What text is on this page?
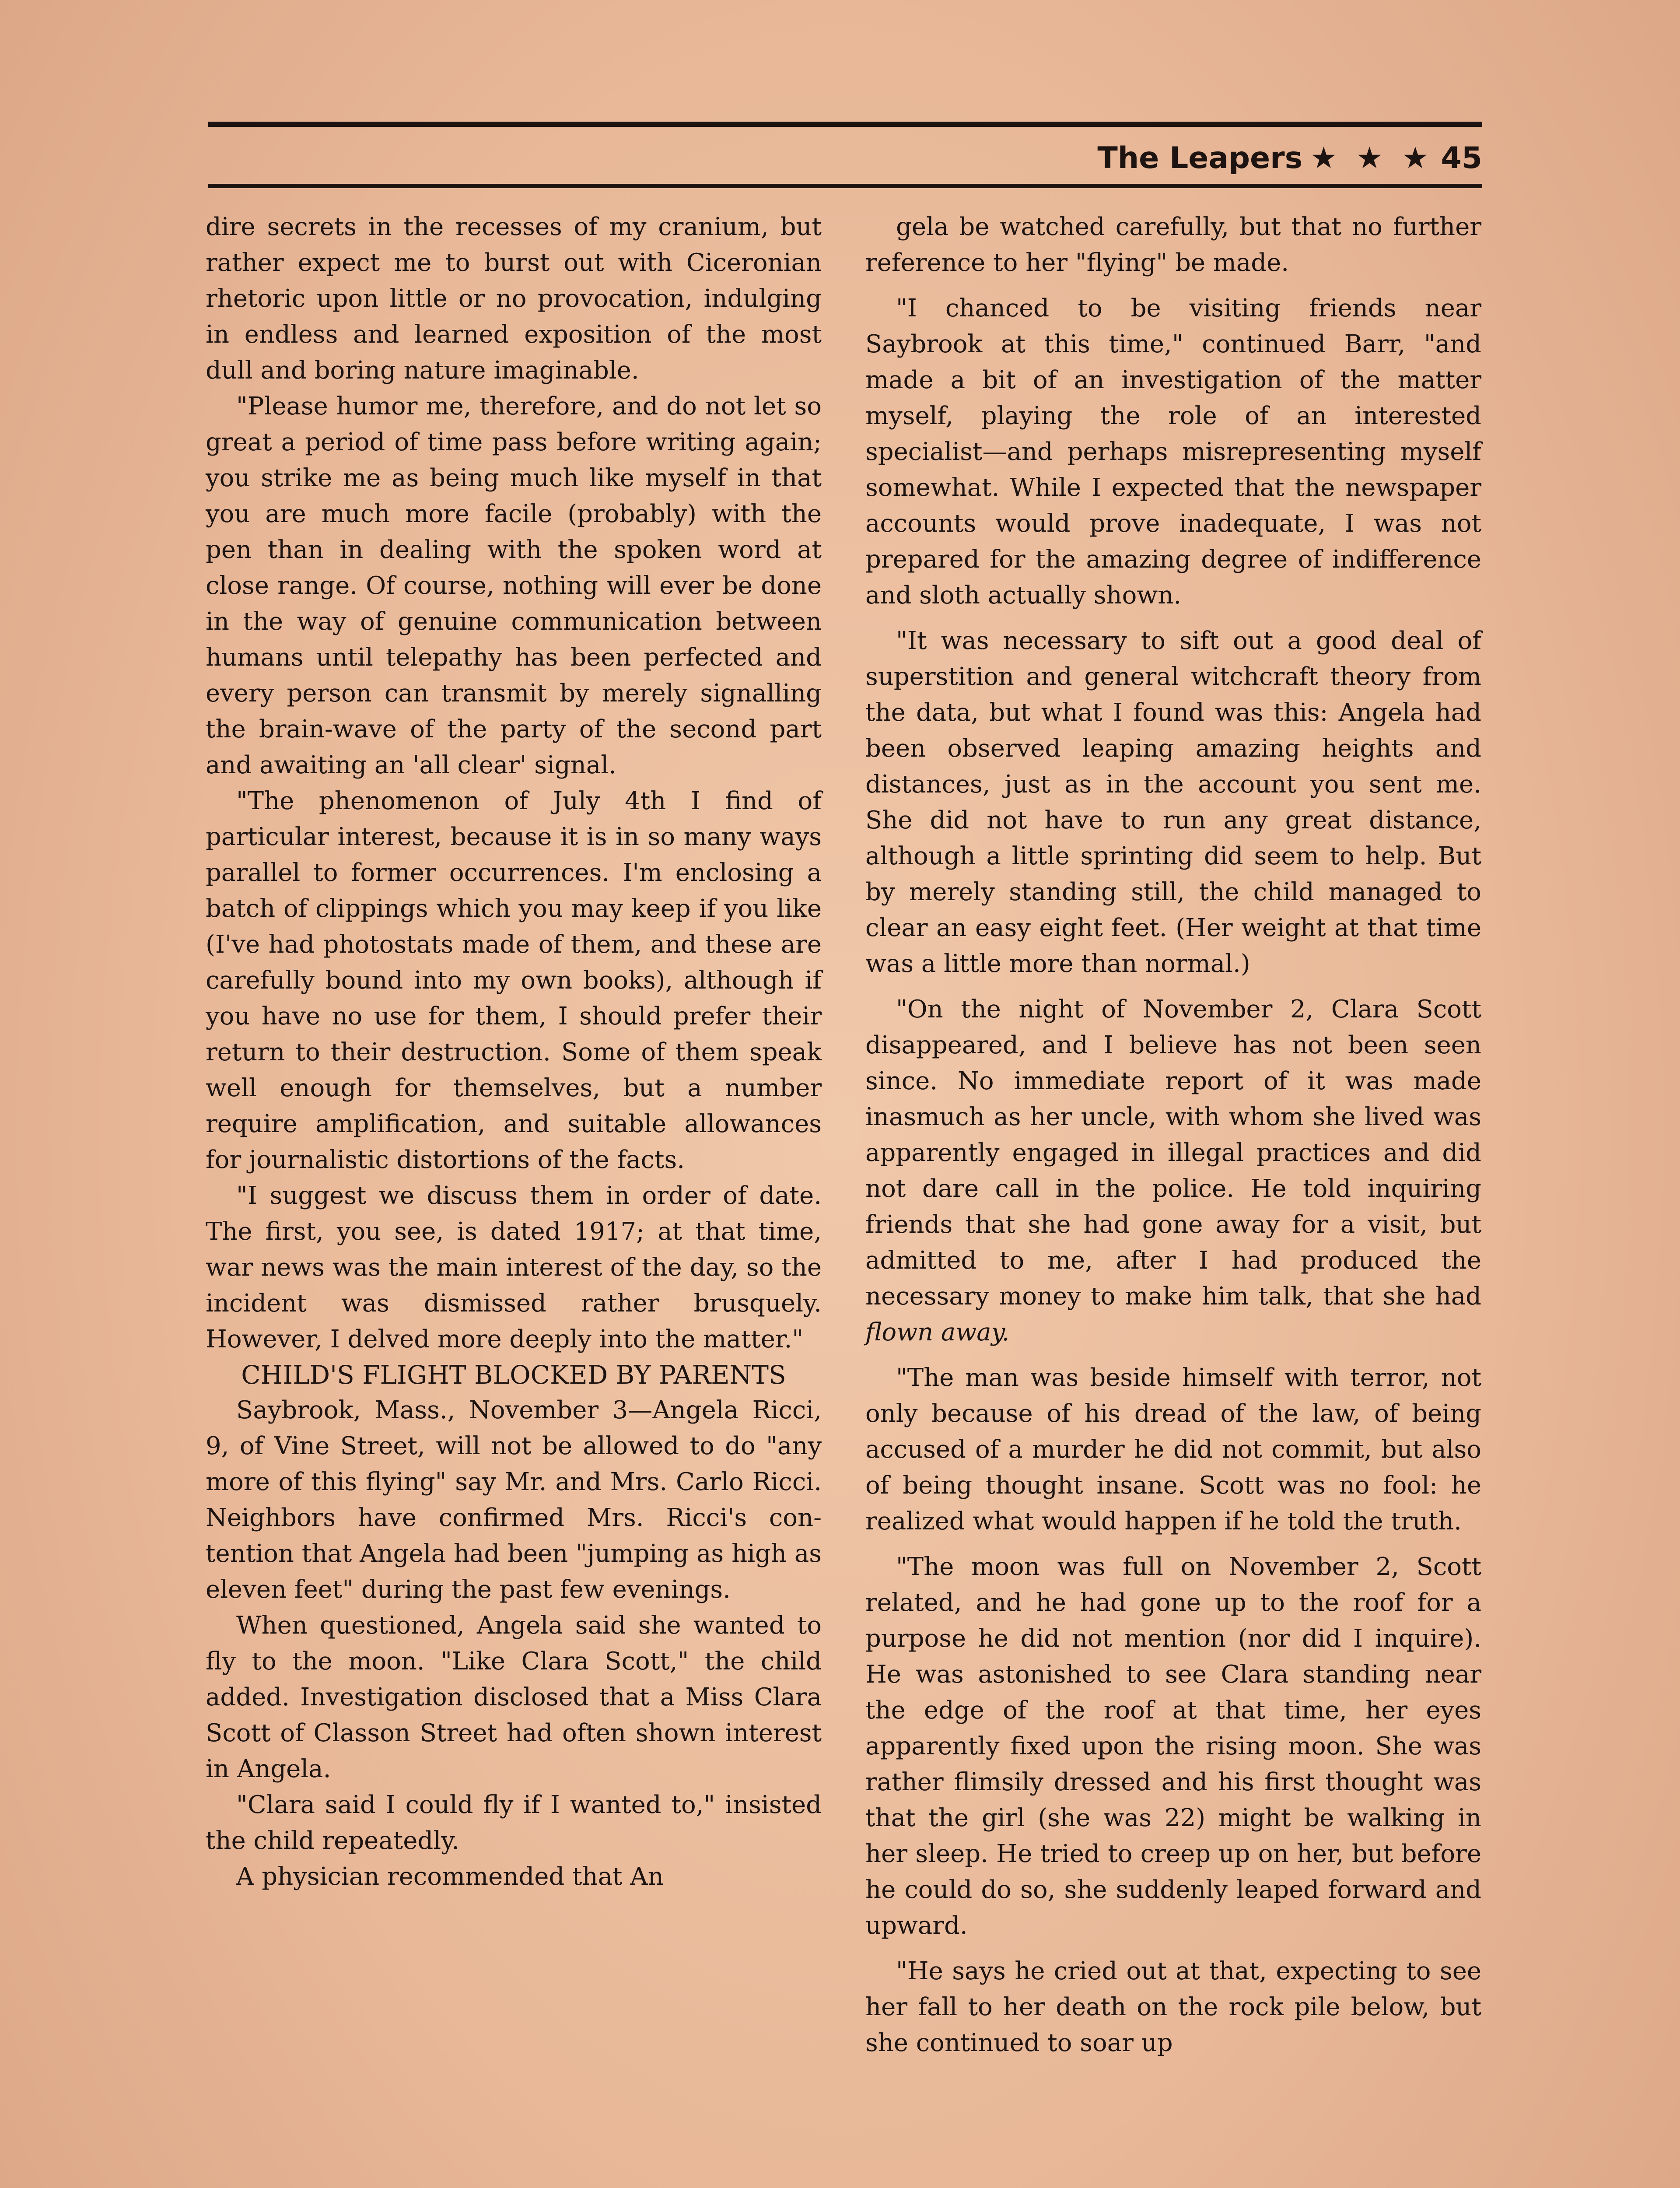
The Leapers ★ ★ ★ 45

dire secrets in the recesses of my cranium, but rather expect me to burst out with Ciceronian rhetoric upon little or no provocation, indulging in endless and learned exposition of the most dull and boring nature imaginable.

"Please humor me, therefore, and do not let so great a period of time pass before writing again; you strike me as being much like myself in that you are much more facile (probably) with the pen than in dealing with the spoken word at close range. Of course, nothing will ever be done in the way of genuine communication between humans until telepathy has been perfected and every person can transmit by merely signalling the brain-wave of the party of the second part and awaiting an 'all clear' signal.

"The phenomenon of July 4th I find of particular interest, because it is in so many ways parallel to former occurrences. I'm enclosing a batch of clippings which you may keep if you like (I've had photostats made of them, and these are carefully bound into my own books), although if you have no use for them, I should prefer their return to their destruction. Some of them speak well enough for themselves, but a number require amplification, and suitable allowances for journalistic distortions of the facts.

"I suggest we discuss them in order of date. The first, you see, is dated 1917; at that time, war news was the main interest of the day, so the incident was dismissed rather brusquely. However, I delved more deeply into the matter."

CHILD'S FLIGHT BLOCKED BY PARENTS

Saybrook, Mass., November 3—Angela Ricci, 9, of Vine Street, will not be allowed to do "any more of this flying" say Mr. and Mrs. Carlo Ricci. Neighbors have confirmed Mrs. Ricci's contention that Angela had been "jumping as high as eleven feet" during the past few evenings.

When questioned, Angela said she wanted to fly to the moon. "Like Clara Scott," the child added. Investigation disclosed that a Miss Clara Scott of Classon Street had often shown interest in Angela.

"Clara said I could fly if I wanted to," insisted the child repeatedly.

A physician recommended that An

gela be watched carefully, but that no further reference to her "flying" be made.

"I chanced to be visiting friends near Saybrook at this time," continued Barr, "and made a bit of an investigation of the matter myself, playing the role of an interested specialist—and perhaps misrepresenting myself somewhat. While I expected that the newspaper accounts would prove inadequate, I was not prepared for the amazing degree of indifference and sloth actually shown.

"It was necessary to sift out a good deal of superstition and general witchcraft theory from the data, but what I found was this: Angela had been observed leaping amazing heights and distances, just as in the account you sent me. She did not have to run any great distance, although a little sprinting did seem to help. But by merely standing still, the child managed to clear an easy eight feet. (Her weight at that time was a little more than normal.)

"On the night of November 2, Clara Scott disappeared, and I believe has not been seen since. No immediate report of it was made inasmuch as her uncle, with whom she lived was apparently engaged in illegal practices and did not dare call in the police. He told inquiring friends that she had gone away for a visit, but admitted to me, after I had produced the necessary money to make him talk, that she had flown away.

"The man was beside himself with terror, not only because of his dread of the law, of being accused of a murder he did not commit, but also of being thought insane. Scott was no fool: he realized what would happen if he told the truth.

"The moon was full on November 2, Scott related, and he had gone up to the roof for a purpose he did not mention (nor did I inquire). He was astonished to see Clara standing near the edge of the roof at that time, her eyes apparently fixed upon the rising moon. She was rather flimsily dressed and his first thought was that the girl (she was 22) might be walking in her sleep. He tried to creep up on her, but before he could do so, she suddenly leaped forward and upward.

"He says he cried out at that, expecting to see her fall to her death on the rock pile below, but she continued to soar up
